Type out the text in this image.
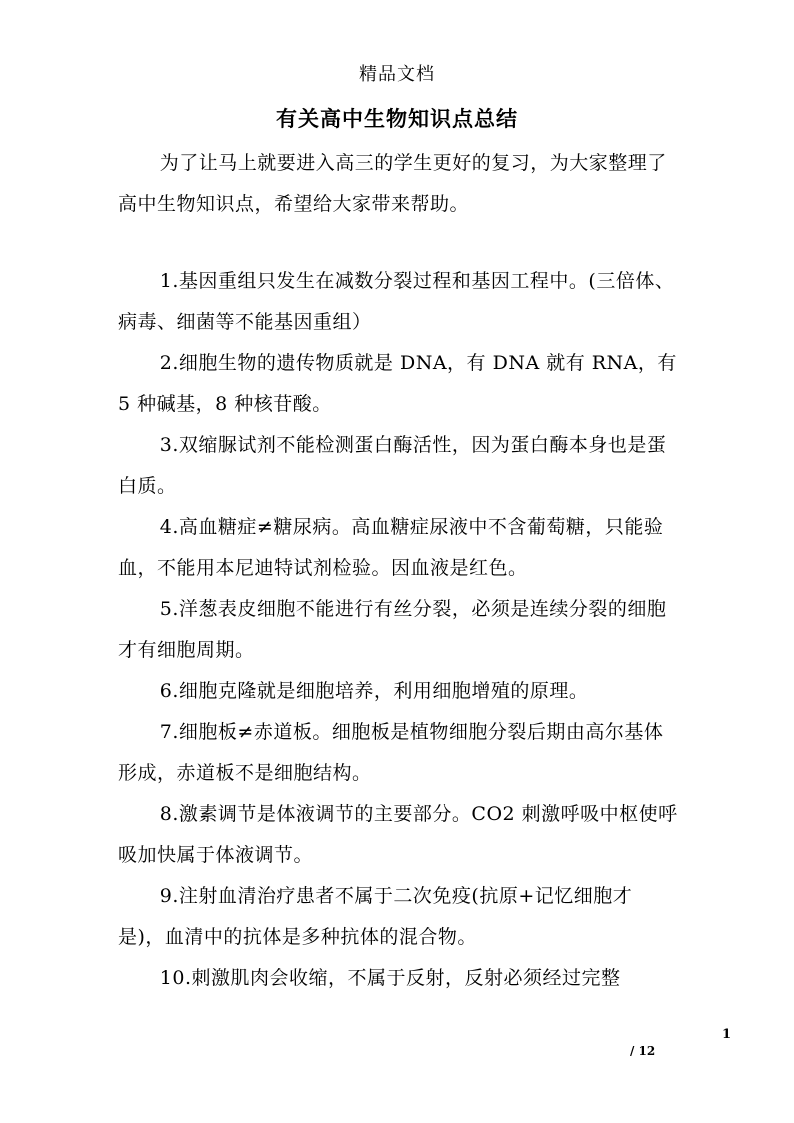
精品文档
有关高中生物知识点总结

为了让马上就要进入高三的学生更好的复习，为大家整理了高中生物知识点，希望给大家带来帮助。

1.基因重组只发生在减数分裂过程和基因工程中。(三倍体、病毒、细菌等不能基因重组）

2.细胞生物的遗传物质就是 DNA，有 DNA 就有 RNA，有 5 种碱基，8 种核苷酸。

3.双缩脲试剂不能检测蛋白酶活性，因为蛋白酶本身也是蛋白质。

4.高血糖症≠糖尿病。高血糖症尿液中不含葡萄糖，只能验血，不能用本尼迪特试剂检验。因血液是红色。

5.洋葱表皮细胞不能进行有丝分裂，必须是连续分裂的细胞才有细胞周期。

6.细胞克隆就是细胞培养，利用细胞增殖的原理。

7.细胞板≠赤道板。细胞板是植物细胞分裂后期由高尔基体形成，赤道板不是细胞结构。

8.激素调节是体液调节的主要部分。CO2 刺激呼吸中枢使呼吸加快属于体液调节。

9.注射血清治疗患者不属于二次免疫(抗原+记忆细胞才是)，血清中的抗体是多种抗体的混合物。

10.刺激肌肉会收缩，不属于反射，反射必须经过完整

1
/ 12
